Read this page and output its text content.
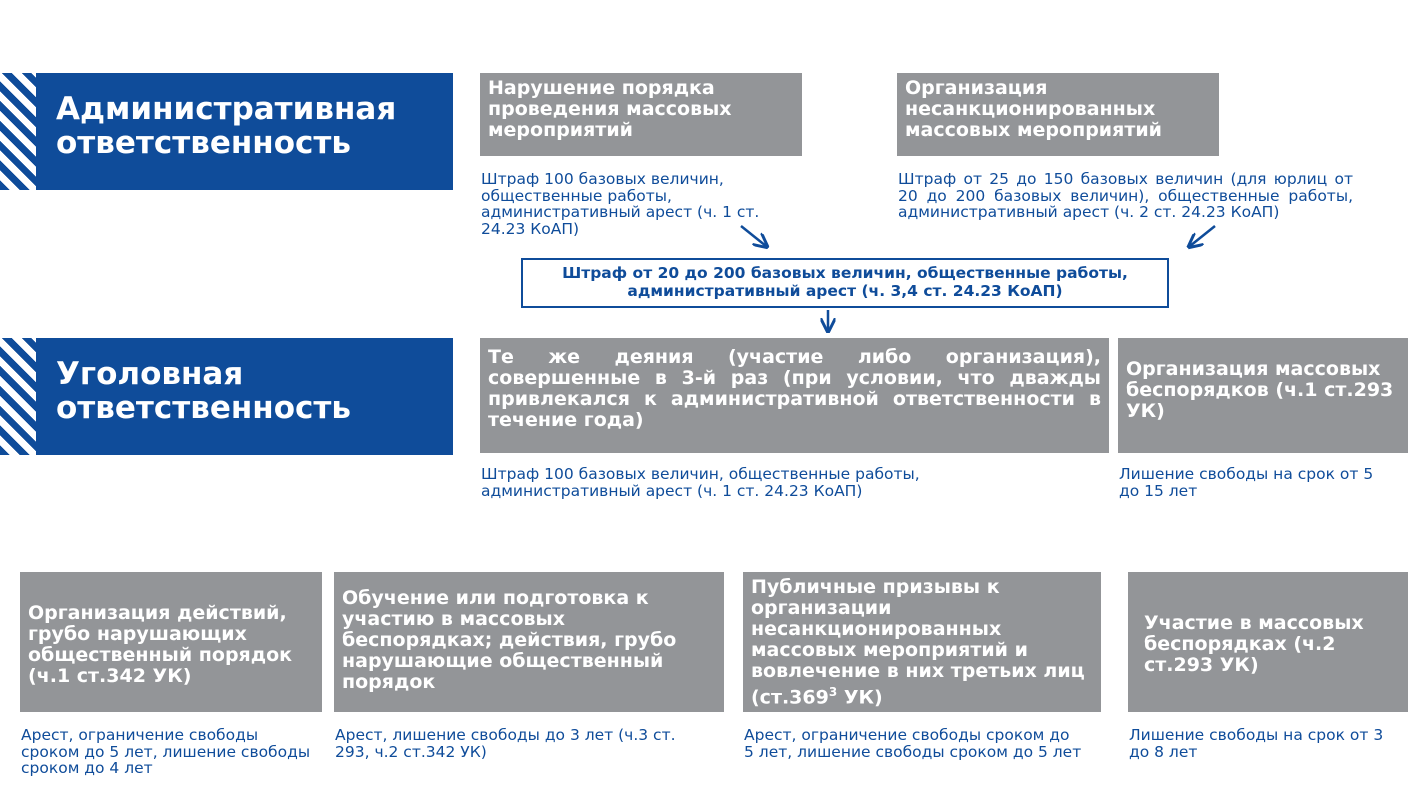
Административная
ответственность
Нарушение порядка проведения массовых мероприятий
Штраф 100 базовых величин, общественные работы, административный арест (ч. 1 ст. 24.23 КоАП)
Организация несанкционированных массовых мероприятий
Штраф от 25 до 150 базовых величин (для юрлиц от 20 до 200 базовых величин), общественные работы, административный арест (ч. 2 ст. 24.23 КоАП)
Штраф от 20 до 200 базовых величин, общественные работы,
административный арест (ч. 3,4 ст. 24.23 КоАП)
Уголовная
ответственность
Те же деяния (участие либо организация), совершенные в 3-й раз (при условии, что дважды привлекался к административной ответственности в течение года)
Штраф 100 базовых величин, общественные работы, административный арест (ч. 1 ст. 24.23 КоАП)
Организация массовых беспорядков (ч.1 ст.293 УК)
Лишение свободы на срок от 5 до 15 лет
Организация действий, грубо нарушающих общественный порядок (ч.1 ст.342 УК)
Арест, ограничение свободы сроком до 5 лет, лишение свободы сроком до 4 лет
Обучение или подготовка к участию в массовых беспорядках; действия, грубо нарушающие общественный порядок
Арест, лишение свободы до 3 лет (ч.3 ст. 293, ч.2 ст.342 УК)
Публичные призывы к организации несанкционированных массовых мероприятий и вовлечение в них третьих лиц (ст.369$^3$ УК)
Арест, ограничение свободы сроком до 5 лет, лишение свободы сроком до 5 лет
Участие в массовых беспорядках (ч.2 ст.293 УК)
Лишение свободы на срок от 3 до 8 лет
